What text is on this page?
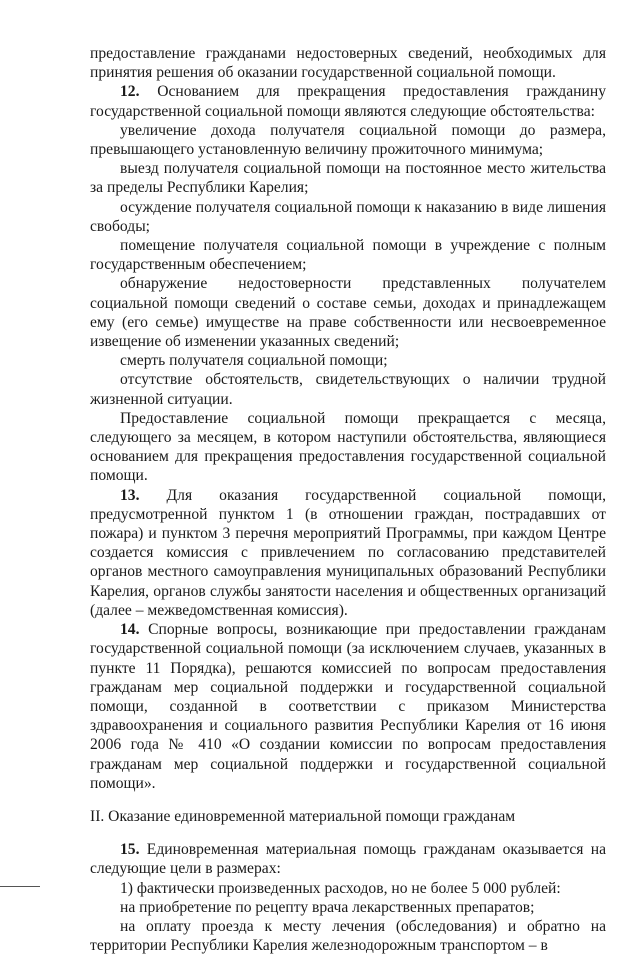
предоставление гражданами недостоверных сведений, необходимых для принятия решения об оказании государственной социальной помощи.

12. Основанием для прекращения предоставления гражданину государственной социальной помощи являются следующие обстоятельства:

увеличение дохода получателя социальной помощи до размера, превышающего установленную величину прожиточного минимума;

выезд получателя социальной помощи на постоянное место жительства за пределы Республики Карелия;

осуждение получателя социальной помощи к наказанию в виде лишения свободы;

помещение получателя социальной помощи в учреждение с полным государственным обеспечением;

обнаружение недостоверности представленных получателем социальной помощи сведений о составе семьи, доходах и принадлежащем ему (его семье) имуществе на праве собственности или несвоевременное извещение об изменении указанных сведений;

смерть получателя социальной помощи;

отсутствие обстоятельств, свидетельствующих о наличии трудной жизненной ситуации.

Предоставление социальной помощи прекращается с месяца, следующего за месяцем, в котором наступили обстоятельства, являющиеся основанием для прекращения предоставления государственной социальной помощи.

13. Для оказания государственной социальной помощи, предусмотренной пунктом 1 (в отношении граждан, пострадавших от пожара) и пунктом 3 перечня мероприятий Программы, при каждом Центре создается комиссия с привлечением по согласованию представителей органов местного самоуправления муниципальных образований Республики Карелия, органов службы занятости населения и общественных организаций (далее – межведомственная комиссия).

14. Спорные вопросы, возникающие при предоставлении гражданам государственной социальной помощи (за исключением случаев, указанных в пункте 11 Порядка), решаются комиссией по вопросам предоставления гражданам мер социальной поддержки и государственной социальной помощи, созданной в соответствии с приказом Министерства здравоохранения и социального развития Республики Карелия от 16 июня 2006 года № 410 «О создании комиссии по вопросам предоставления гражданам мер социальной поддержки и государственной социальной помощи».

II. Оказание единовременной материальной помощи гражданам

15. Единовременная материальная помощь гражданам оказывается на следующие цели в размерах:

1) фактически произведенных расходов, но не более 5 000 рублей:

на приобретение по рецепту врача лекарственных препаратов;

на оплату проезда к месту лечения (обследования) и обратно на территории Республики Карелия железнодорожным транспортом – в
